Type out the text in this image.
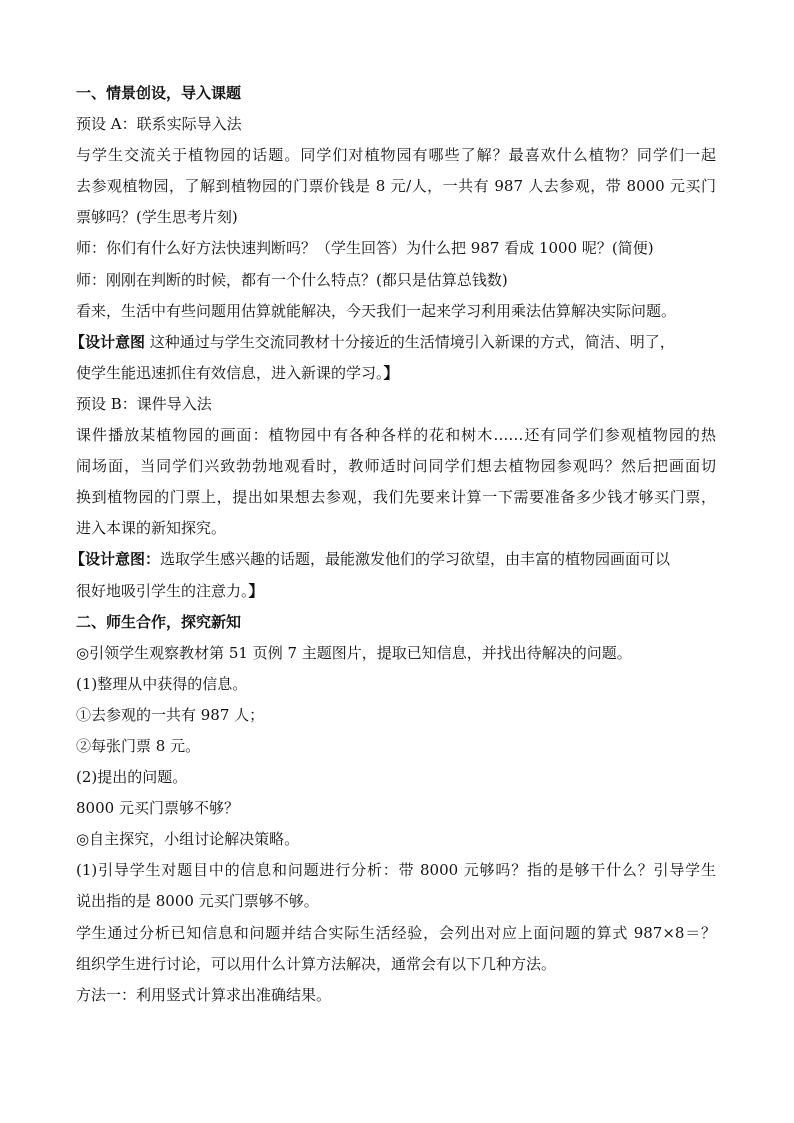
一、情景创设，导入课题
预设 A：联系实际导入法
与学生交流关于植物园的话题。同学们对植物园有哪些了解？最喜欢什么植物？同学们一起
去参观植物园，了解到植物园的门票价钱是 8 元/人，一共有 987 人去参观，带 8000 元买门
票够吗？(学生思考片刻)
师：你们有什么好方法快速判断吗？（学生回答）为什么把 987 看成 1000 呢？(简便)
师：刚刚在判断的时候，都有一个什么特点？(都只是估算总钱数)
看来，生活中有些问题用估算就能解决，今天我们一起来学习利用乘法估算解决实际问题。
【设计意图 这种通过与学生交流同教材十分接近的生活情境引入新课的方式，简洁、明了，
使学生能迅速抓住有效信息，进入新课的学习。】
预设 B：课件导入法
课件播放某植物园的画面：植物园中有各种各样的花和树木……还有同学们参观植物园的热
闹场面，当同学们兴致勃勃地观看时，教师适时问同学们想去植物园参观吗？然后把画面切
换到植物园的门票上，提出如果想去参观，我们先要来计算一下需要准备多少钱才够买门票，
进入本课的新知探究。
【设计意图：选取学生感兴趣的话题，最能激发他们的学习欲望，由丰富的植物园画面可以
很好地吸引学生的注意力。】
二、师生合作，探究新知
◎引领学生观察教材第 51 页例 7 主题图片，提取已知信息，并找出待解决的问题。
(1)整理从中获得的信息。
①去参观的一共有 987 人；
②每张门票 8 元。
(2)提出的问题。
8000 元买门票够不够？
◎自主探究，小组讨论解决策略。
(1)引导学生对题目中的信息和问题进行分析：带 8000 元够吗？指的是够干什么？引导学生
说出指的是 8000 元买门票够不够。
学生通过分析已知信息和问题并结合实际生活经验，会列出对应上面问题的算式 987×8＝？
组织学生进行讨论，可以用什么计算方法解决，通常会有以下几种方法。
方法一：利用竖式计算求出准确结果。
